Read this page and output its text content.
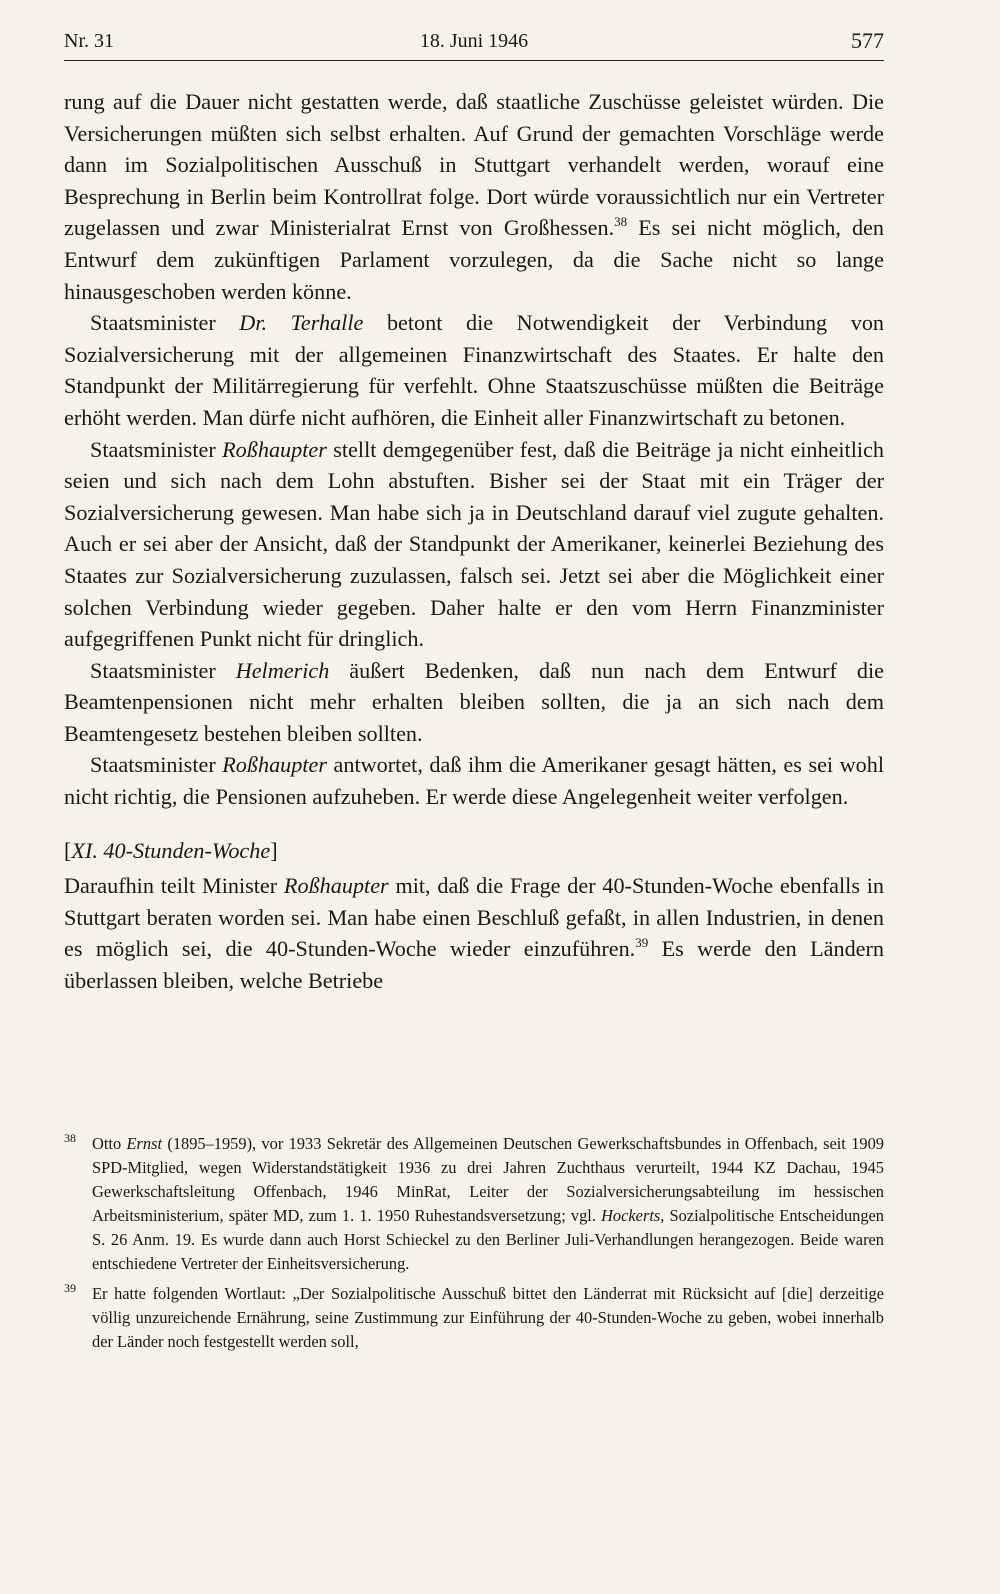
Nr. 31	18. Juni 1946	577

rung auf die Dauer nicht gestatten werde, daß staatliche Zuschüsse geleistet würden. Die Versicherungen müßten sich selbst erhalten. Auf Grund der gemachten Vorschläge werde dann im Sozialpolitischen Ausschuß in Stuttgart verhandelt werden, worauf eine Besprechung in Berlin beim Kontrollrat folge. Dort würde voraussichtlich nur ein Vertreter zugelassen und zwar Ministerialrat Ernst von Großhessen.$^{38}$ Es sei nicht möglich, den Entwurf dem zukünftigen Parlament vorzulegen, da die Sache nicht so lange hinausgeschoben werden könne.

Staatsminister Dr. Terhalle betont die Notwendigkeit der Verbindung von Sozialversicherung mit der allgemeinen Finanzwirtschaft des Staates. Er halte den Standpunkt der Militärregierung für verfehlt. Ohne Staatszuschüsse müßten die Beiträge erhöht werden. Man dürfe nicht aufhören, die Einheit aller Finanzwirtschaft zu betonen.

Staatsminister Roßhaupter stellt demgegenüber fest, daß die Beiträge ja nicht einheitlich seien und sich nach dem Lohn abstuften. Bisher sei der Staat mit ein Träger der Sozialversicherung gewesen. Man habe sich ja in Deutschland darauf viel zugute gehalten. Auch er sei aber der Ansicht, daß der Standpunkt der Amerikaner, keinerlei Beziehung des Staates zur Sozialversicherung zuzulassen, falsch sei. Jetzt sei aber die Möglichkeit einer solchen Verbindung wieder gegeben. Daher halte er den vom Herrn Finanzminister aufgegriffenen Punkt nicht für dringlich.

Staatsminister Helmerich äußert Bedenken, daß nun nach dem Entwurf die Beamtenpensionen nicht mehr erhalten bleiben sollten, die ja an sich nach dem Beamtengesetz bestehen bleiben sollten.

Staatsminister Roßhaupter antwortet, daß ihm die Amerikaner gesagt hätten, es sei wohl nicht richtig, die Pensionen aufzuheben. Er werde diese Angelegenheit weiter verfolgen.

[XI. 40-Stunden-Woche]

Daraufhin teilt Minister Roßhaupter mit, daß die Frage der 40-Stunden-Woche ebenfalls in Stuttgart beraten worden sei. Man habe einen Beschluß gefaßt, in allen Industrien, in denen es möglich sei, die 40-Stunden-Woche wieder einzuführen.$^{39}$ Es werde den Ländern überlassen bleiben, welche Betriebe

38 Otto Ernst (1895–1959), vor 1933 Sekretär des Allgemeinen Deutschen Gewerkschaftsbundes in Offenbach, seit 1909 SPD-Mitglied, wegen Widerstandstätigkeit 1936 zu drei Jahren Zuchthaus verurteilt, 1944 KZ Dachau, 1945 Gewerkschaftsleitung Offenbach, 1946 MinRat, Leiter der Sozialversicherungsabteilung im hessischen Arbeitsministerium, später MD, zum 1. 1. 1950 Ruhestandsversetzung; vgl. Hockerts, Sozialpolitische Entscheidungen S. 26 Anm. 19. Es wurde dann auch Horst Schieckel zu den Berliner Juli-Verhandlungen herangezogen. Beide waren entschiedene Vertreter der Einheitsversicherung.

39 Er hatte folgenden Wortlaut: „Der Sozialpolitische Ausschuß bittet den Länderrat mit Rücksicht auf [die] derzeitige völlig unzureichende Ernährung, seine Zustimmung zur Einführung der 40-Stunden-Woche zu geben, wobei innerhalb der Länder noch festgestellt werden soll,
